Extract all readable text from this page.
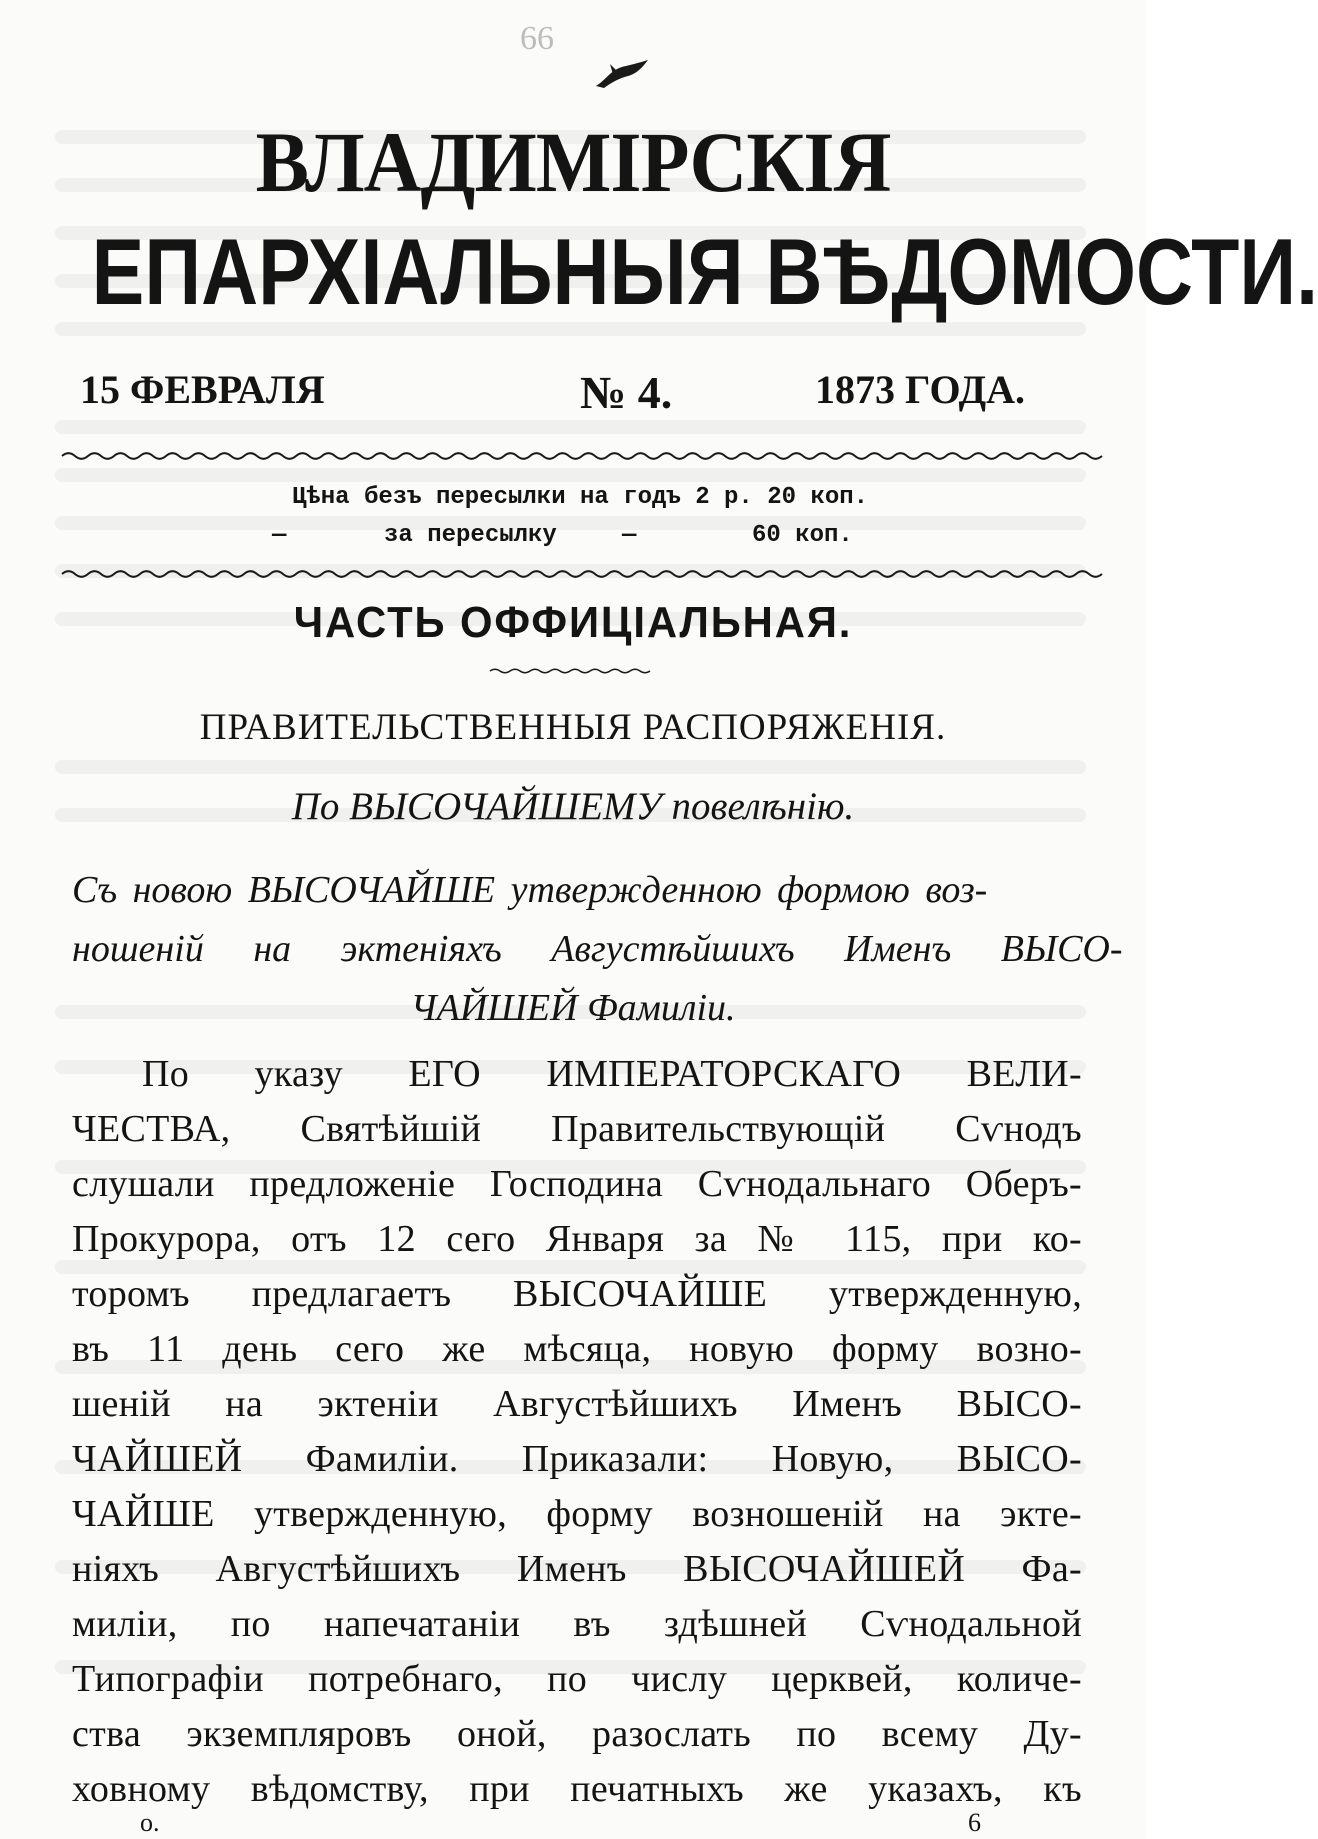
66
ВЛАДИМІРСКІЯ
ЕПАРХІАЛЬНЫЯ ВѢДОМОСТИ.
15 ФЕВРАЛЯ	№ 4.	1873 ГОДА.
Цѣна безъ пересылки на годъ 2 р. 20 коп.
—	за пересылку	—	60 коп.
ЧАСТЬ ОФФИЦІАЛЬНАЯ.
ПРАВИТЕЛЬСТВЕННЫЯ РАСПОРЯЖЕНІЯ.
По ВЫСОЧАЙШЕМУ повелѣнію.
Съ новою ВЫСОЧАЙШЕ утвержденною формою воз-
ношеній на эктеніяхъ Августѣйшихъ Именъ ВЫСО-
ЧАЙШЕЙ Фамиліи.
По указу ЕГО ИМПЕРАТОРСКАГО ВЕЛИ-
ЧЕСТВА, Святѣйшій Правительствующій Сѵнодъ
слушали предложеніе Господина Сѵнодальнаго Оберъ-
Прокурора, отъ 12 сего Января за № 115, при ко-
торомъ предлагаетъ ВЫСОЧАЙШЕ утвержденную,
въ 11 день сего же мѣсяца, новую форму возно-
шеній на эктеніи Августѣйшихъ Именъ ВЫСО-
ЧАЙШЕЙ Фамиліи. Приказали: Новую, ВЫСО-
ЧАЙШЕ утвержденную, форму возношеній на экте-
ніяхъ Августѣйшихъ Именъ ВЫСОЧАЙШЕЙ Фа-
миліи, по напечатаніи въ здѣшней Сѵнодальной
Типографіи потребнаго, по числу церквей, количе-
ства экземпляровъ оной, разослать по всему Ду-
ховному вѣдомству, при печатныхъ же указахъ, къ
о.	6
